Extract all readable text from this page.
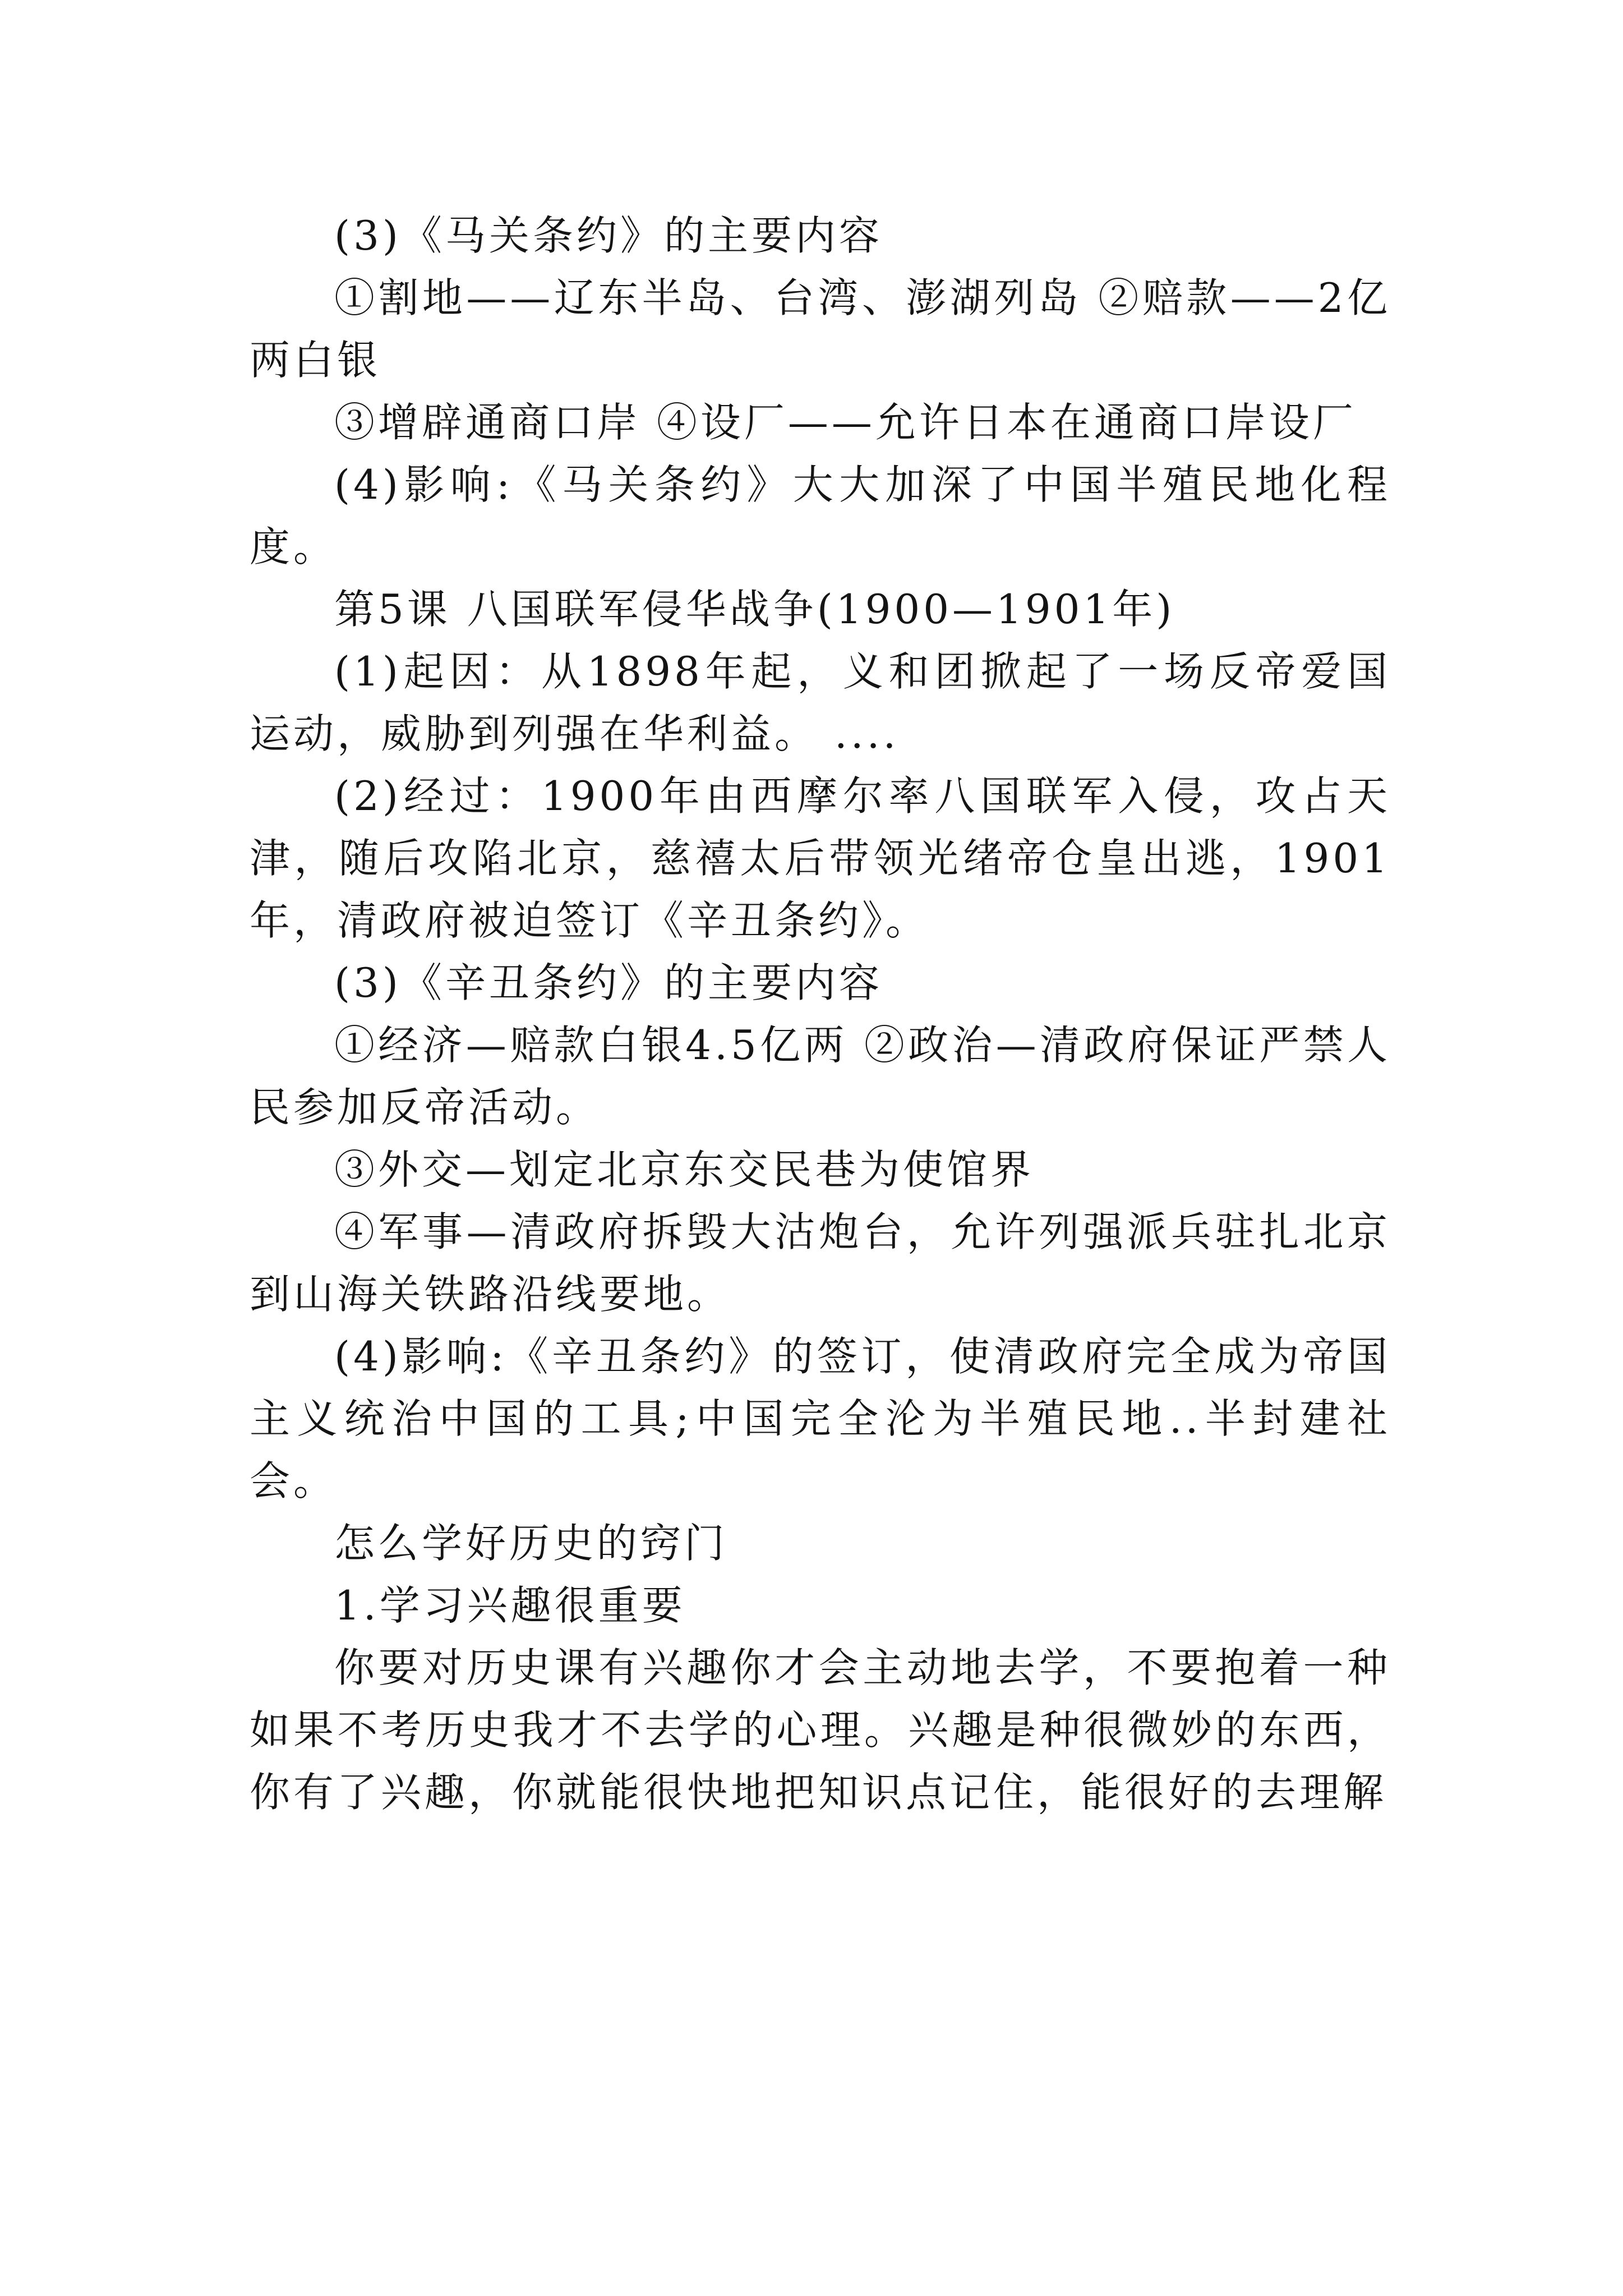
(3)《马关条约》的主要内容

①割地——辽东半岛、台湾、澎湖列岛 ②赔款——2亿两白银

③增辟通商口岸 ④设厂——允许日本在通商口岸设厂

(4)影响:《马关条约》大大加深了中国半殖民地化程度。

第5课 八国联军侵华战争(1900—1901年)

(1)起因：从1898年起，义和团掀起了一场反帝爱国运动，威胁到列强在华利益。 ....

(2)经过：1900年由西摩尔率八国联军入侵，攻占天津，随后攻陷北京，慈禧太后带领光绪帝仓皇出逃，1901年，清政府被迫签订《辛丑条约》。

(3)《辛丑条约》的主要内容

①经济—赔款白银4.5亿两 ②政治—清政府保证严禁人民参加反帝活动。

③外交—划定北京东交民巷为使馆界

④军事—清政府拆毁大沽炮台，允许列强派兵驻扎北京到山海关铁路沿线要地。

(4)影响:《辛丑条约》的签订，使清政府完全成为帝国主义统治中国的工具;中国完全沦为半殖民地..半封建社会。

怎么学好历史的窍门

1.学习兴趣很重要

你要对历史课有兴趣你才会主动地去学，不要抱着一种如果不考历史我才不去学的心理。兴趣是种很微妙的东西，你有了兴趣，你就能很快地把知识点记住，能很好的去理解
